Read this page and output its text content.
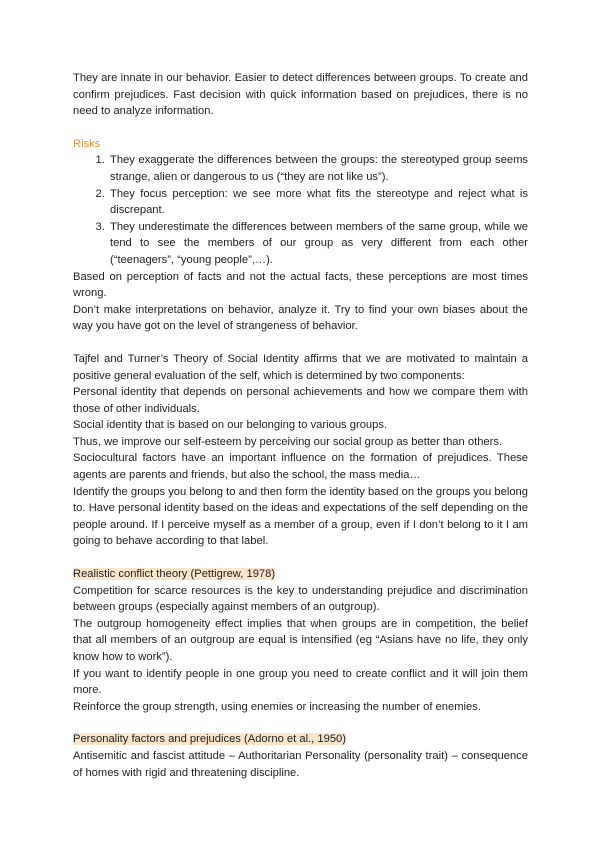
They are innate in our behavior. Easier to detect differences between groups. To create and confirm prejudices. Fast decision with quick information based on prejudices, there is no need to analyze information.

Risks

1. They exaggerate the differences between the groups: the stereotyped group seems strange, alien or dangerous to us (“they are not like us”).
2. They focus perception: we see more what fits the stereotype and reject what is discrepant.
3. They underestimate the differences between members of the same group, while we tend to see the members of our group as very different from each other (“teenagers”, “young people”,…).

Based on perception of facts and not the actual facts, these perceptions are most times wrong.

Don’t make interpretations on behavior, analyze it. Try to find your own biases about the way you have got on the level of strangeness of behavior.

Tajfel and Turner’s Theory of Social Identity affirms that we are motivated to maintain a positive general evaluation of the self, which is determined by two components:

Personal identity that depends on personal achievements and how we compare them with those of other individuals.

Social identity that is based on our belonging to various groups.

Thus, we improve our self-esteem by perceiving our social group as better than others.

Sociocultural factors have an important influence on the formation of prejudices. These agents are parents and friends, but also the school, the mass media…

Identify the groups you belong to and then form the identity based on the groups you belong to. Have personal identity based on the ideas and expectations of the self depending on the people around. If I perceive myself as a member of a group, even if I don’t belong to it I am going to behave according to that label.

Realistic conflict theory (Pettigrew, 1978)

Competition for scarce resources is the key to understanding prejudice and discrimination between groups (especially against members of an outgroup).

The outgroup homogeneity effect implies that when groups are in competition, the belief that all members of an outgroup are equal is intensified (eg “Asians have no life, they only know how to work”).

If you want to identify people in one group you need to create conflict and it will join them more.

Reinforce the group strength, using enemies or increasing the number of enemies.

Personality factors and prejudices (Adorno et al., 1950)

Antisemitic and fascist attitude – Authoritarian Personality (personality trait) – consequence of homes with rigid and threatening discipline.
